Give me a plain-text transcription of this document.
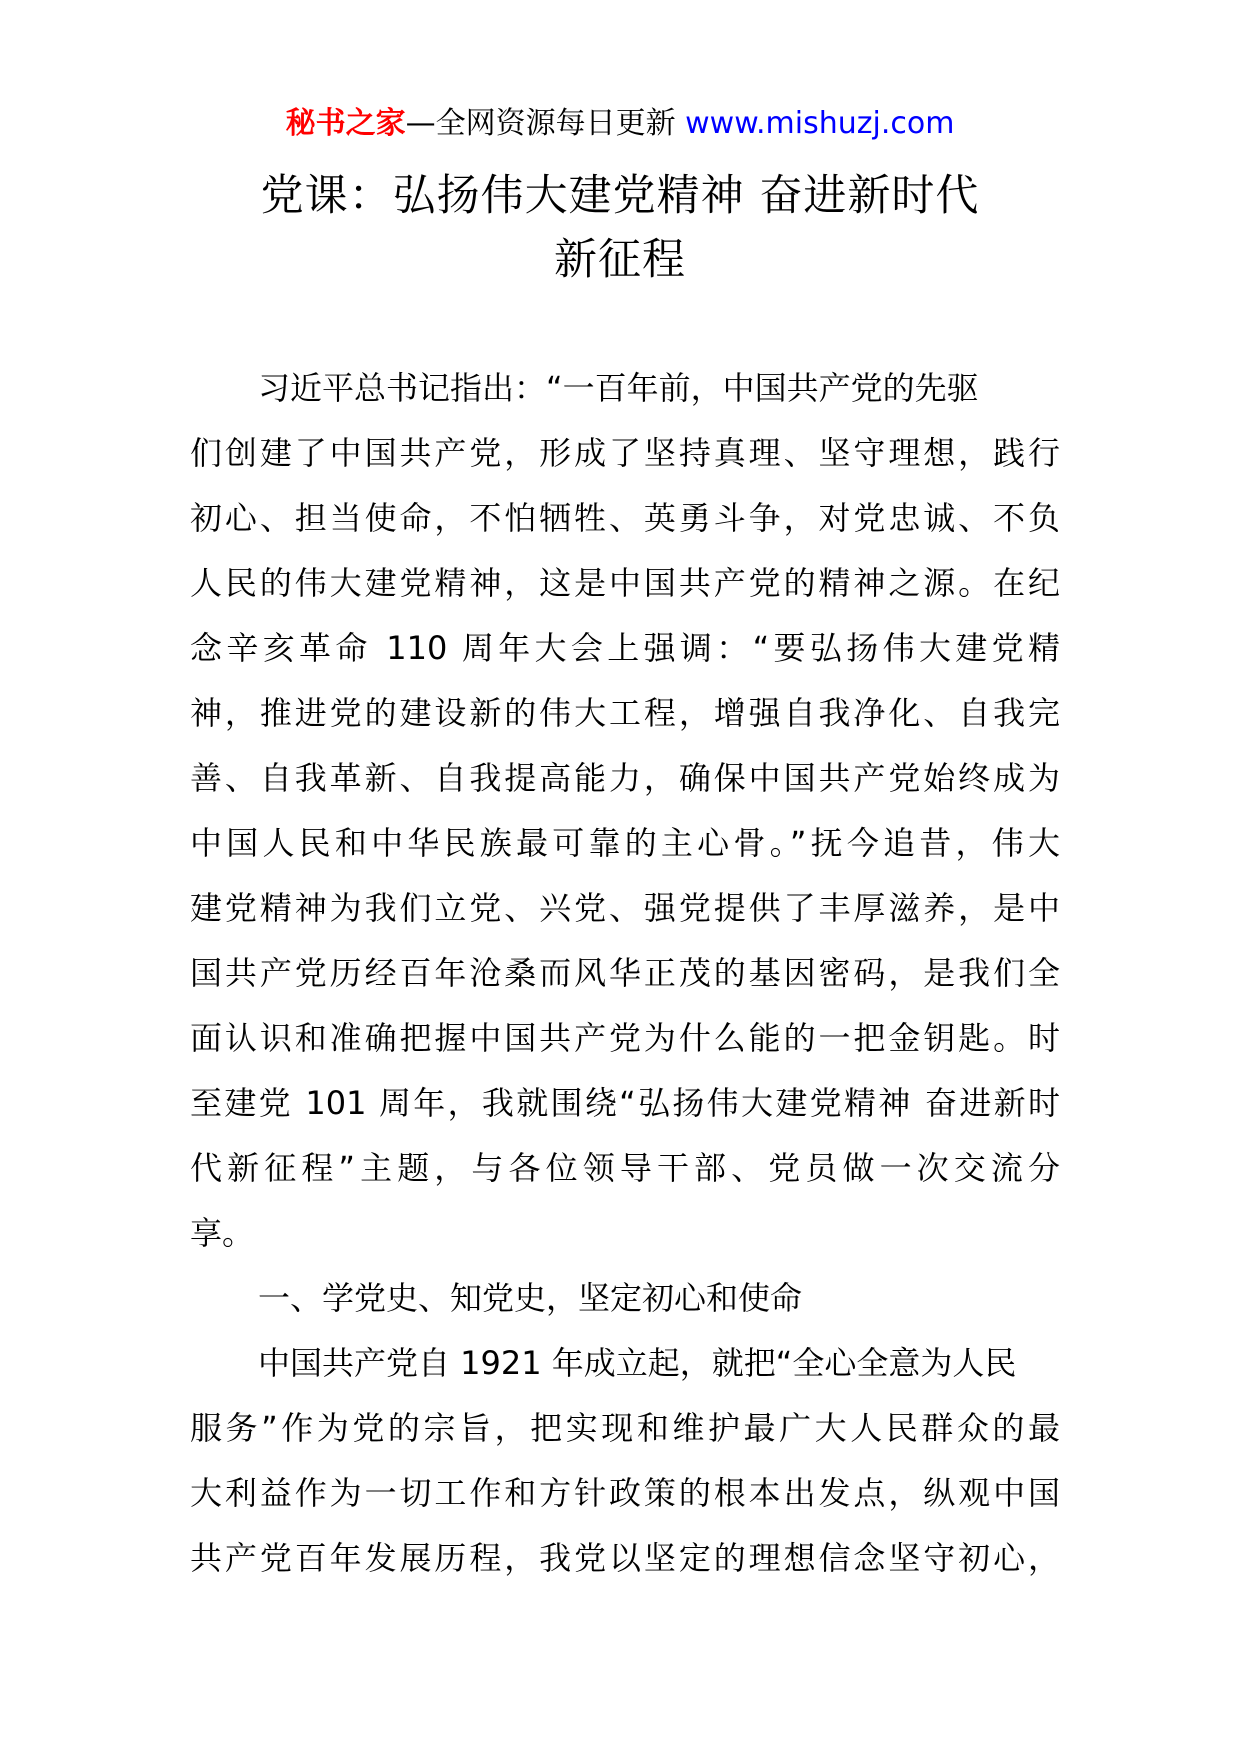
秘书之家—全网资源每日更新 www.mishuzj.com
党课：弘扬伟大建党精神 奋进新时代
新征程
习近平总书记指出：“一百年前，中国共产党的先驱
们创建了中国共产党，形成了坚持真理、坚守理想，践行
初心、担当使命，不怕牺牲、英勇斗争，对党忠诚、不负
人民的伟大建党精神，这是中国共产党的精神之源。在纪
念辛亥革命 110 周年大会上强调：“要弘扬伟大建党精
神，推进党的建设新的伟大工程，增强自我净化、自我完
善、自我革新、自我提高能力，确保中国共产党始终成为
中国人民和中华民族最可靠的主心骨。”抚今追昔，伟大
建党精神为我们立党、兴党、强党提供了丰厚滋养，是中
国共产党历经百年沧桑而风华正茂的基因密码，是我们全
面认识和准确把握中国共产党为什么能的一把金钥匙。时
至建党 101 周年，我就围绕“弘扬伟大建党精神 奋进新时
代新征程”主题，与各位领导干部、党员做一次交流分
享。
一、学党史、知党史，坚定初心和使命
中国共产党自 1921 年成立起，就把“全心全意为人民
服务”作为党的宗旨，把实现和维护最广大人民群众的最
大利益作为一切工作和方针政策的根本出发点，纵观中国
共产党百年发展历程，我党以坚定的理想信念坚守初心，
